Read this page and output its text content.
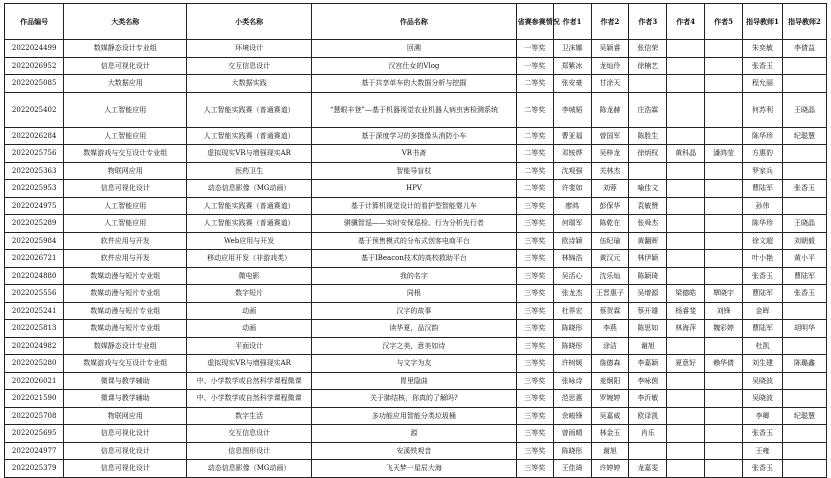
作品编号	大类名称	小类名称	作品名称	省赛参赛情况	作者1	作者2	作者3	作者4	作者5	指导教师1	指导教师2
2022024499	数媒静态设计专业组	环境设计	回溯	一等奖	卫沫娜	吴颖睿	张信荣			朱奕敏	李倩益
2022026952	信息可视化设计	交互信息设计	汉宫仕女的Vlog	一等奖	郑紫冰	龙灿伶	徐楠艺			张香玉	
2022025085	大数据应用	大数据实践	基于共享单车的大数据分析与挖掘	二等奖	张安豪	甘涂天				程允丽	
2022025402	人工智能应用	人工智能实践赛（普通赛道）	“慧眼丰登”—基于机器视觉农业机器人病虫害检测系统	二等奖	李城韬	陈龙赫	庄浩霖			何苏利	王晓晶
2022026284	人工智能应用	人工智能实践赛（普通赛道）	基于深度学习的多摄像头消防小车	二等奖	曹亚福	曾国军	陈胜生			陈华珍	纪聪慧
2022025756	数媒游戏与交互设计专业组	虚拟现实VR与增强现实AR	VR书斋	二等奖	邓铵烨	吴梓龙	徐炳权	黄科晶	潘鸿莹	方惠豹	
2022025363	物联网应用	医药卫生	智能导盲杖	二等奖	沈观强	关林杰				罗家兵	
2022025953	信息可视化设计	动态信息影像（MG动画）	HPV	二等奖	许斐如	刘蓉	喻佳文			曹陆军	张香玉
2022024975	人工智能应用	人工智能实践赛（普通赛道）	基于计算机视觉设计的看护型智能婴儿车	三等奖	廖鸿	彭保华	袁敏赞			孙伟	
2022025289	人工智能应用	人工智能实践赛（普通赛道）	骐骥智巡——实时安保巡检、行为分析先行者	三等奖	何瑞军	陈乾在	张舜杰			陈华珍	王晓晶
2022025984	软件应用与开发	Web应用与开发	基于预售模式的分布式创客电商平台	三等奖	欧诗颖	伍纪瑜	黄翻晖			徐文超	刘朝毅
2022026721	软件应用与开发	移动应用开发（非游戏类）	基于IBeacon技术的高校救助平台	三等奖	林锦浩	黄汉元	林伊颖			叶小艳	黄小平
2022024880	数媒动漫与短片专业组	微电影	我的名字	三等奖	吴活心	沈乐灿	陈颖琦			张香玉	曹陆军
2022025556	数媒动漫与短片专业组	数字短片	同根	三等奖	张龙杰	王晋惠子	吴增源	梁德皓	覃晓宇	曹陆军	张香玉
2022025241	数媒动漫与短片专业组	动画	汉字的故事	三等奖	杜界宏	蔡贺霖	蔡开雄	杨睿斐	刘锋	金晖	
2022025813	数媒动漫与短片专业组	动画	读华夏，品汉韵	三等奖	陈晓彤	李燕	陈思如	林海萍	魏彩婷	曹陆军	胡明华
2022024982	数媒静态设计专业组	平面设计	汉字之美，意美如诗	三等奖	陈晓彤	涂洁	谢旭			杜凯	
2022025280	数媒游戏与交互设计专业组	虚拟现实VR与增强现实AR	与文字为友	三等奖	许树媛	詹德森	李嘉颖	夏意好	赖华倩	刘生建	陈璐鑫
2022026021	微课与教学辅助	中、小学数学或自然科学课程微课	胃里隐曲	三等奖	张咏诗	麦炯阳	李咏茵			吴晓波	
2022021590	微课与教学辅助	中、小学数学或自然科学课程微课	关于肺结核，你真的了解吗?	三等奖	范思惠	罗婉婷	李沂敏			吴晓波	
2022025708	物联网应用	数字生活	多功能应用智能分类垃圾桶	三等奖	余峻锋	吴嘉威	欧译凯			李卿	纪聪慧
2022025695	信息可视化设计	交互信息设计	源	三等奖	曾雨晴	林金玉	肖乐			张香玉	
2022024977	信息可视化设计	信息图形设计	安溪铁观音	三等奖	陈晓彤	谢旭				王雍	
2022025379	信息可视化设计	动态信息影像（MG动画）	飞天梦一星辰大海	三等奖	王佳琦	许婷婷	龙嘉雯			张香玉	
